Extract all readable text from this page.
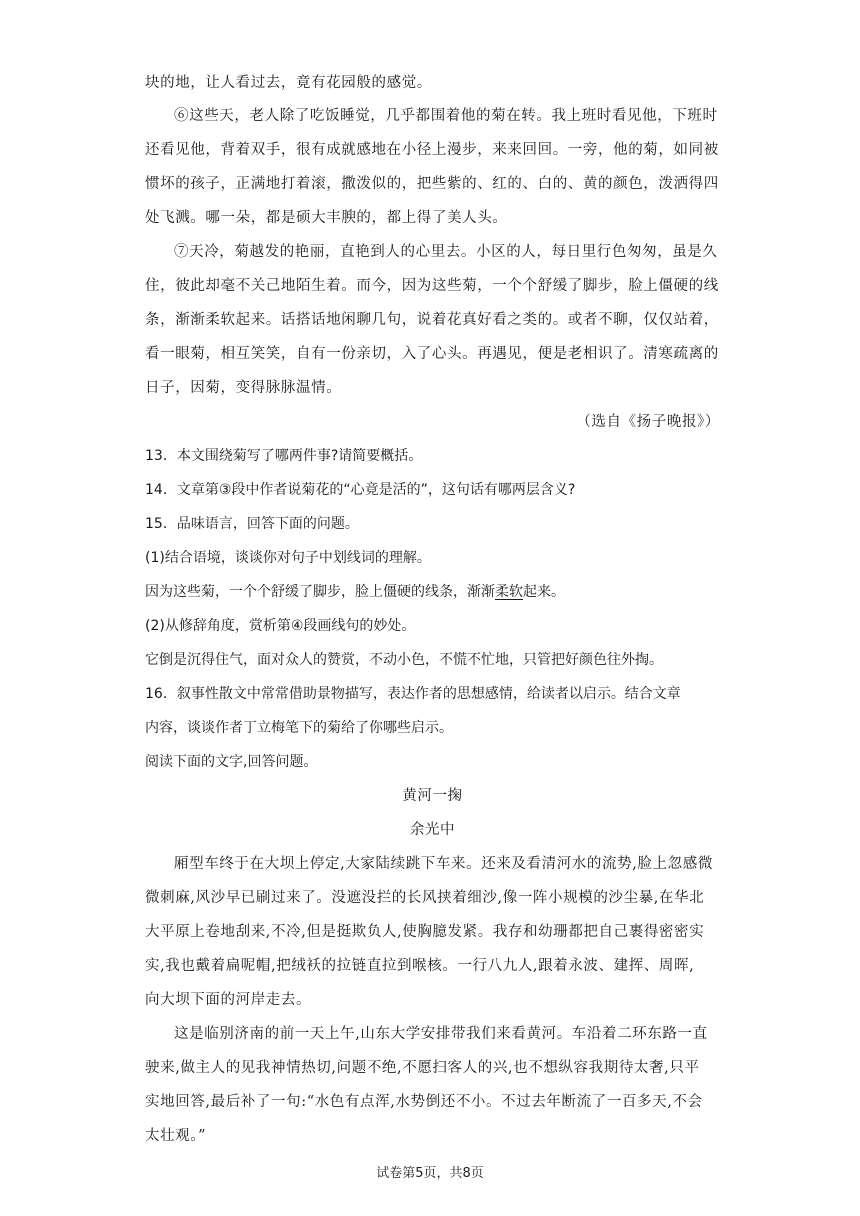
块的地，让人看过去，竟有花园般的感觉。
⑥这些天，老人除了吃饭睡觉，几乎都围着他的菊在转。我上班时看见他，下班时
还看见他，背着双手，很有成就感地在小径上漫步，来来回回。一旁，他的菊，如同被
惯坏的孩子，正满地打着滚，撒泼似的，把些紫的、红的、白的、黄的颜色，泼洒得四
处飞溅。哪一朵，都是硕大丰腴的，都上得了美人头。
⑦天冷，菊越发的艳丽，直艳到人的心里去。小区的人，每日里行色匆匆，虽是久
住，彼此却毫不关己地陌生着。而今，因为这些菊，一个个舒缓了脚步，脸上僵硬的线
条，渐渐柔软起来。话搭话地闲聊几句，说着花真好看之类的。或者不聊，仅仅站着，
看一眼菊，相互笑笑，自有一份亲切，入了心头。再遇见，便是老相识了。清寒疏离的
日子，因菊，变得脉脉温情。
（选自《扬子晚报》）
13．本文围绕菊写了哪两件事?请简要概括。
14．文章第③段中作者说菊花的“心竟是活的”，这句话有哪两层含义?
15．品味语言，回答下面的问题。
(1)结合语境，谈谈你对句子中划线词的理解。
因为这些菊，一个个舒缓了脚步，脸上僵硬的线条，渐渐柔软起来。
(2)从修辞角度，赏析第④段画线句的妙处。
它倒是沉得住气，面对众人的赞赏，不动小色，不慌不忙地，只管把好颜色往外掏。
16．叙事性散文中常常借助景物描写，表达作者的思想感情，给读者以启示。结合文章
内容，谈谈作者丁立梅笔下的菊给了你哪些启示。
阅读下面的文字,回答问题。
黄河一掬
余光中
厢型车终于在大坝上停定,大家陆续跳下车来。还来及看清河水的流势,脸上忽感微
微刺麻,风沙早已刷过来了。没遮没拦的长风挟着细沙,像一阵小规模的沙尘暴,在华北
大平原上卷地刮来,不冷,但是挺欺负人,使胸臆发紧。我存和幼珊都把自己裹得密密实
实,我也戴着扁呢帽,把绒袄的拉链直拉到喉核。一行八九人,跟着永波、建挥、周晖,
向大坝下面的河岸走去。
这是临别济南的前一天上午,山东大学安排带我们来看黄河。车沿着二环东路一直
驶来,做主人的见我神情热切,问题不绝,不愿扫客人的兴,也不想纵容我期待太奢,只平
实地回答,最后补了一句:“水色有点浑,水势倒还不小。不过去年断流了一百多天,不会
太壮观。”
试卷第5页，共8页
